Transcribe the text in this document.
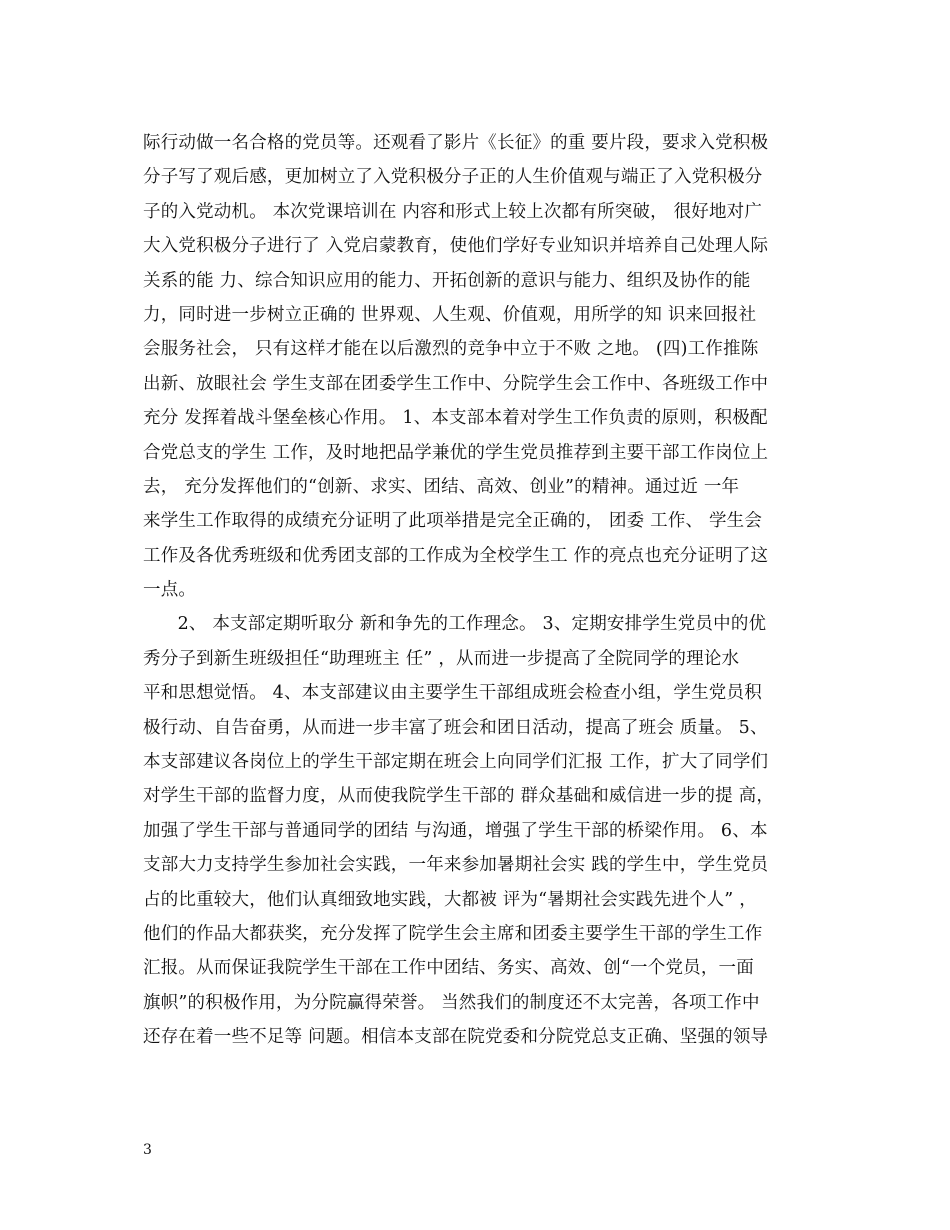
际行动做一名合格的党员等。还观看了影片《长征》的重 要片段，要求入党积极
分子写了观后感，更加树立了入党积极分子正的人生价值观与端正了入党积极分
子的入党动机。 本次党课培训在 内容和形式上较上次都有所突破， 很好地对广
大入党积极分子进行了 入党启蒙教育，使他们学好专业知识并培养自己处理人际
关系的能 力、综合知识应用的能力、开拓创新的意识与能力、组织及协作的能
力，同时进一步树立正确的 世界观、人生观、价值观，用所学的知 识来回报社
会服务社会， 只有这样才能在以后激烈的竞争中立于不败 之地。 (四)工作推陈
出新、放眼社会 学生支部在团委学生工作中、分院学生会工作中、各班级工作中
充分 发挥着战斗堡垒核心作用。 1、本支部本着对学生工作负责的原则，积极配
合党总支的学生 工作，及时地把品学兼优的学生党员推荐到主要干部工作岗位上
去， 充分发挥他们的“创新、求实、团结、高效、创业”的精神。通过近 一年
来学生工作取得的成绩充分证明了此项举措是完全正确的， 团委 工作、 学生会
工作及各优秀班级和优秀团支部的工作成为全校学生工 作的亮点也充分证明了这
一点。
2、 本支部定期听取分 新和争先的工作理念。 3、定期安排学生党员中的优
秀分子到新生班级担任“助理班主 任” ，从而进一步提高了全院同学的理论水
平和思想觉悟。 4、本支部建议由主要学生干部组成班会检查小组，学生党员积
极行动、自告奋勇，从而进一步丰富了班会和团日活动，提高了班会 质量。 5、
本支部建议各岗位上的学生干部定期在班会上向同学们汇报 工作，扩大了同学们
对学生干部的监督力度，从而使我院学生干部的 群众基础和威信进一步的提 高，
加强了学生干部与普通同学的团结 与沟通，增强了学生干部的桥梁作用。 6、本
支部大力支持学生参加社会实践，一年来参加暑期社会实 践的学生中，学生党员
占的比重较大，他们认真细致地实践，大都被 评为“暑期社会实践先进个人” ，
他们的作品大都获奖，充分发挥了院学生会主席和团委主要学生干部的学生工作
汇报。从而保证我院学生干部在工作中团结、务实、高效、创“一个党员，一面
旗帜”的积极作用，为分院赢得荣誉。 当然我们的制度还不太完善，各项工作中
还存在着一些不足等 问题。相信本支部在院党委和分院党总支正确、坚强的领导
3
